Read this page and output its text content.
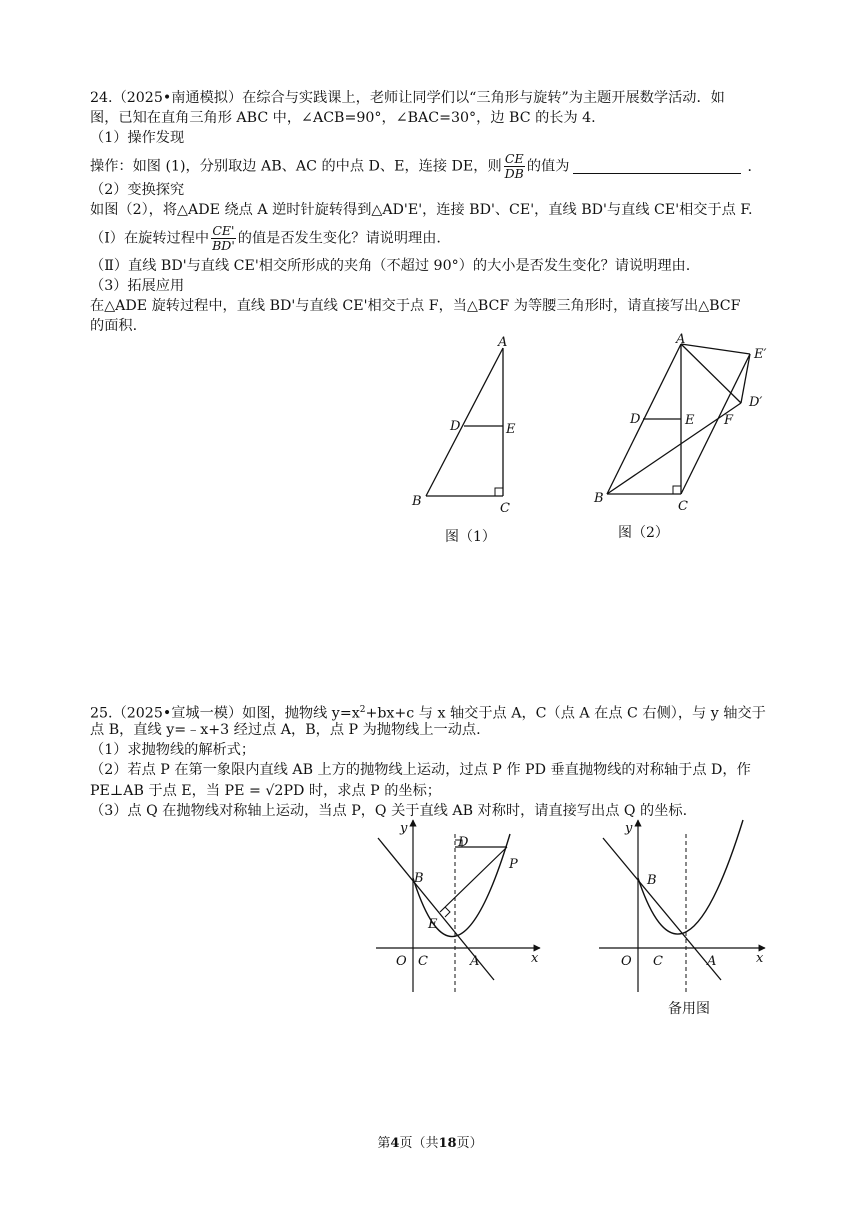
24.（2025•南通模拟）在综合与实践课上，老师让同学们以“三角形与旋转”为主题开展数学活动．如
图，已知在直角三角形 ABC 中，∠ACB=90°，∠BAC=30°，边 BC 的长为 4.
（1）操作发现
操作：如图 (1)，分别取边 AB、AC 的中点 D、E，连接 DE，则 $\frac{CE}{DB}$ 的值为	．
（2）变换探究
如图（2），将△ADE 绕点 A 逆时针旋转得到△AD'E'，连接 BD'、CE'，直线 BD'与直线 CE'相交于点 F.
（Ⅰ）在旋转过程中 $\frac{CE'}{BD'}$ 的值是否发生变化？请说明理由.
（Ⅱ）直线 BD'与直线 CE'相交所形成的夹角（不超过 90°）的大小是否发生变化？请说明理由.
（3）拓展应用
在△ADE 旋转过程中，直线 BD'与直线 CE'相交于点 F，当△BCF 为等腰三角形时，请直接写出△BCF
的面积.
A
D	E
B	C
图（1）
A
E′
D′
D	E F
B
C
图（2）
25.（2025•宣城一模）如图，抛物线 $y=x^2+bx+c$ 与 x 轴交于点 A，C（点 A 在点 C 右侧），与 y 轴交于
点 B，直线 y=﹣x+3 经过点 A，B，点 P 为抛物线上一动点.
（1）求抛物线的解析式；
（2）若点 P 在第一象限内直线 AB 上方的抛物线上运动，过点 P 作 PD 垂直抛物线的对称轴于点 D，作
PE⊥AB 于点 E，当 PE = √2PD 时，求点 P 的坐标；
（3）点 Q 在抛物线对称轴上运动，当点 P，Q 关于直线 AB 对称时，请直接写出点 Q 的坐标.
y
D
P
B
E
O C	A	x
y
B
O C	A	x
备用图
第4页（共18页）
